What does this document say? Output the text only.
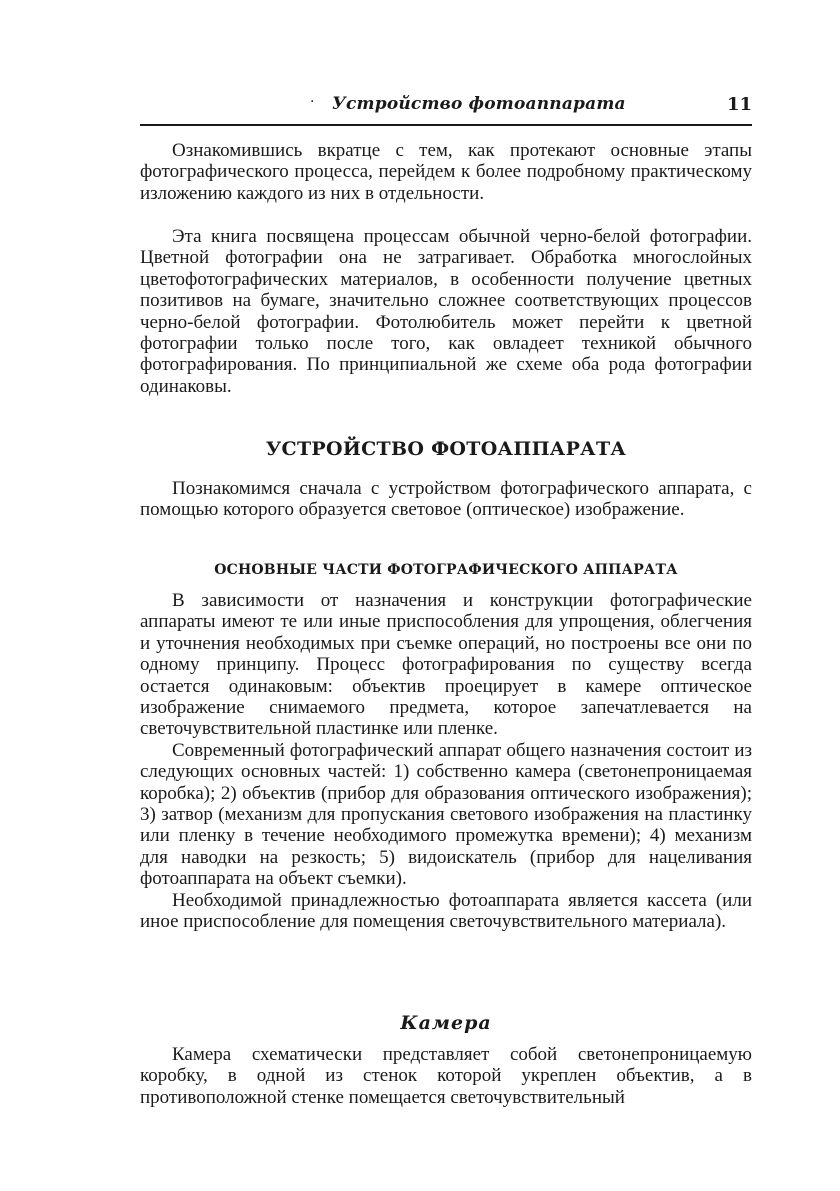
· Устройство фотоаппарата	11

Ознакомившись вкратце с тем, как протекают основные этапы фотографического процесса, перейдем к более подробному практическому изложению каждого из них в отдельности.

Эта книга посвящена процессам обычной черно-белой фотографии. Цветной фотографии она не затрагивает. Обработка многослойных цветофотографических материалов, в особенности получение цветных позитивов на бумаге, значительно сложнее соответствующих процессов черно-белой фотографии. Фотолюбитель может перейти к цветной фотографии только после того, как овладеет техникой обычного фотографирования. По принципиальной же схеме оба рода фотографии одинаковы.

УСТРОЙСТВО ФОТОАППАРАТА

Познакомимся сначала с устройством фотографического аппарата, с помощью которого образуется световое (оптическое) изображение.

ОСНОВНЫЕ ЧАСТИ ФОТОГРАФИЧЕСКОГО АППАРАТА

В зависимости от назначения и конструкции фотографические аппараты имеют те или иные приспособления для упрощения, облегчения и уточнения необходимых при съемке операций, но построены все они по одному принципу. Процесс фотографирования по существу всегда остается одинаковым: объектив проецирует в камере оптическое изображение снимаемого предмета, которое запечатлевается на светочувствительной пластинке или пленке.

Современный фотографический аппарат общего назначения состоит из следующих основных частей: 1) собственно камера (светонепроницаемая коробка); 2) объектив (прибор для образования оптического изображения); 3) затвор (механизм для пропускания светового изображения на пластинку или пленку в течение необходимого промежутка времени); 4) механизм для наводки на резкость; 5) видоискатель (прибор для нацеливания фотоаппарата на объект съемки).

Необходимой принадлежностью фотоаппарата является кассета (или иное приспособление для помещения светочувствительного материала).

Камера

Камера схематически представляет собой светонепроницаемую коробку, в одной из стенок которой укреплен объектив, а в противоположной стенке помещается светочувствительный
